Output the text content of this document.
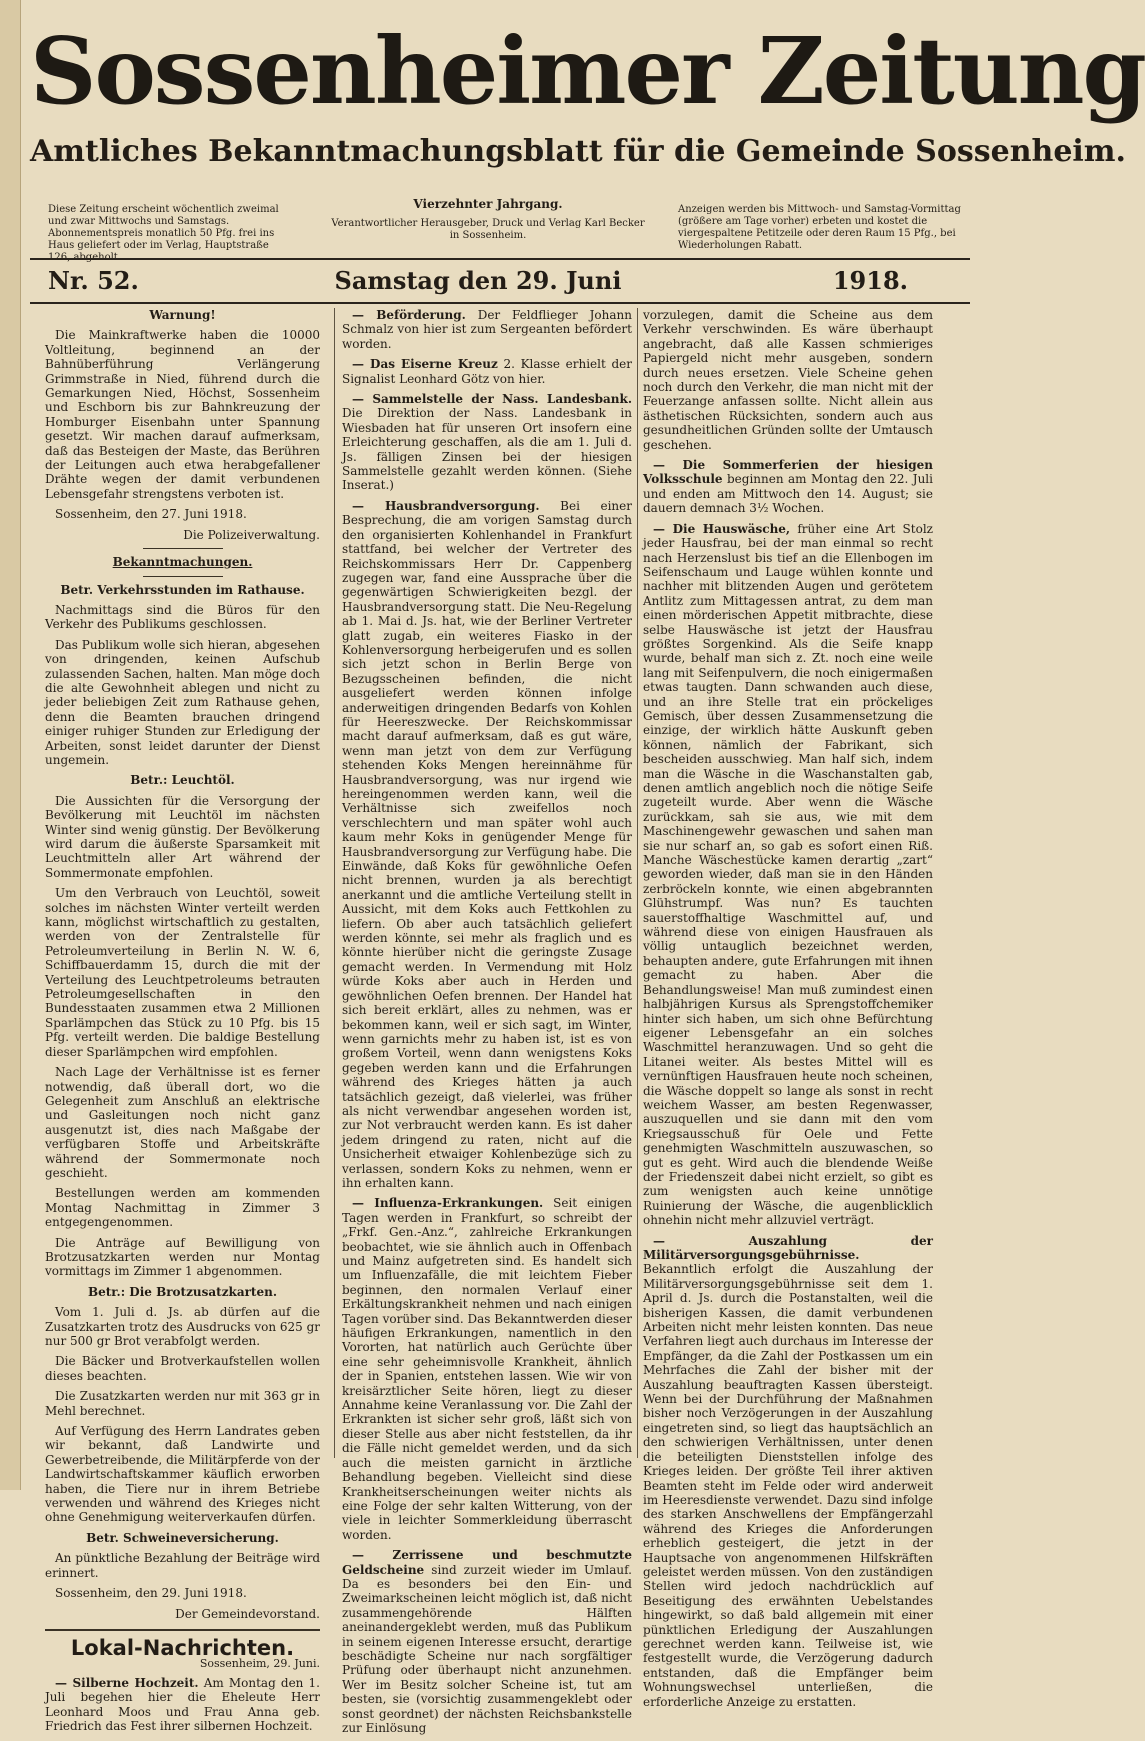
Sossenheimer Zeitung
Amtliches Bekanntmachungsblatt für die Gemeinde Sossenheim.
Diese Zeitung erscheint wöchentlich zweimal und zwar Mittwochs und Samstags. Abonnementspreis monatlich 50 Pfg. frei ins Haus geliefert oder im Verlag, Hauptstraße 126, abgeholt.
Vierzehnter Jahrgang.
Verantwortlicher Herausgeber, Druck und Verlag Karl Becker in Sossenheim.
Anzeigen werden bis Mittwoch- und Samstag-Vormittag (größere am Tage vorher) erbeten und kostet die viergespaltene Petitzeile oder deren Raum 15 Pfg., bei Wiederholungen Rabatt.
Nr. 52.	Samstag den 29. Juni	1918.

Warnung!

Die Mainkraftwerke haben die 10000 Voltleitung, beginnend an der Bahnüberführung Verlängerung Grimmstraße in Nied, führend durch die Gemarkungen Nied, Höchst, Sossenheim und Eschborn bis zur Bahnkreuzung der Homburger Eisenbahn unter Spannung gesetzt. Wir machen darauf aufmerksam, daß das Besteigen der Maste, das Berühren der Leitungen auch etwa herabgefallener Drähte wegen der damit verbundenen Lebensgefahr strengstens verboten ist.

Sossenheim, den 27. Juni 1918.

Die Polizeiverwaltung.

Bekanntmachungen.

Betr. Verkehrsstunden im Rathause.

Nachmittags sind die Büros für den Verkehr des Publikums geschlossen.

Das Publikum wolle sich hieran, abgesehen von dringenden, keinen Aufschub zulassenden Sachen, halten. Man möge doch die alte Gewohnheit ablegen und nicht zu jeder beliebigen Zeit zum Rathause gehen, denn die Beamten brauchen dringend einiger ruhiger Stunden zur Erledigung der Arbeiten, sonst leidet darunter der Dienst ungemein.

Betr.: Leuchtöl.

Die Aussichten für die Versorgung der Bevölkerung mit Leuchtöl im nächsten Winter sind wenig günstig. Der Bevölkerung wird darum die äußerste Sparsamkeit mit Leuchtmitteln aller Art während der Sommermonate empfohlen.

Um den Verbrauch von Leuchtöl, soweit solches im nächsten Winter verteilt werden kann, möglichst wirtschaftlich zu gestalten, werden von der Zentralstelle für Petroleumverteilung in Berlin N. W. 6, Schiffbauerdamm 15, durch die mit der Verteilung des Leuchtpetroleums betrauten Petroleumgesellschaften in den Bundesstaaten zusammen etwa 2 Millionen Sparlämpchen das Stück zu 10 Pfg. bis 15 Pfg. verteilt werden. Die baldige Bestellung dieser Sparlämpchen wird empfohlen.

Nach Lage der Verhältnisse ist es ferner notwendig, daß überall dort, wo die Gelegenheit zum Anschluß an elektrische und Gasleitungen noch nicht ganz ausgenutzt ist, dies nach Maßgabe der verfügbaren Stoffe und Arbeitskräfte während der Sommermonate noch geschieht.

Bestellungen werden am kommenden Montag Nachmittag in Zimmer 3 entgegengenommen.

Die Anträge auf Bewilligung von Brotzusatzkarten werden nur Montag vormittags im Zimmer 1 abgenommen.

Betr.: Die Brotzusatzkarten.

Vom 1. Juli d. Js. ab dürfen auf die Zusatzkarten trotz des Ausdrucks von 625 gr nur 500 gr Brot verabfolgt werden.

Die Bäcker und Brotverkaufstellen wollen dieses beachten.

Die Zusatzkarten werden nur mit 363 gr in Mehl berechnet.

Auf Verfügung des Herrn Landrates geben wir bekannt, daß Landwirte und Gewerbetreibende, die Militärpferde von der Landwirtschaftskammer käuflich erworben haben, die Tiere nur in ihrem Betriebe verwenden und während des Krieges nicht ohne Genehmigung weiterverkaufen dürfen.

Betr. Schweineversicherung.

An pünktliche Bezahlung der Beiträge wird erinnert.

Sossenheim, den 29. Juni 1918.

Der Gemeindevorstand.

Lokal-Nachrichten.
Sossenheim, 29. Juni.

— Silberne Hochzeit. Am Montag den 1. Juli begehen hier die Eheleute Herr Leonhard Moos und Frau Anna geb. Friedrich das Fest ihrer silbernen Hochzeit.

— Beförderung. Der Feldflieger Johann Schmalz von hier ist zum Sergeanten befördert worden.

— Das Eiserne Kreuz 2. Klasse erhielt der Signalist Leonhard Götz von hier.

— Sammelstelle der Nass. Landesbank. Die Direktion der Nass. Landesbank in Wiesbaden hat für unseren Ort insofern eine Erleichterung geschaffen, als die am 1. Juli d. Js. fälligen Zinsen bei der hiesigen Sammelstelle gezahlt werden können. (Siehe Inserat.)

— Hausbrandversorgung. Bei einer Besprechung, die am vorigen Samstag durch den organisierten Kohlenhandel in Frankfurt stattfand, bei welcher der Vertreter des Reichskommissars Herr Dr. Cappenberg zugegen war, fand eine Aussprache über die gegenwärtigen Schwierigkeiten bezgl. der Hausbrandversorgung statt. Die Neu-Regelung ab 1. Mai d. Js. hat, wie der Berliner Vertreter glatt zugab, ein weiteres Fiasko in der Kohlenversorgung herbeigerufen und es sollen sich jetzt schon in Berlin Berge von Bezugsscheinen befinden, die nicht ausgeliefert werden können infolge anderweitigen dringenden Bedarfs von Kohlen für Heereszwecke. Der Reichskommissar macht darauf aufmerksam, daß es gut wäre, wenn man jetzt von dem zur Verfügung stehenden Koks Mengen hereinnähme für Hausbrandversorgung, was nur irgend wie hereingenommen werden kann, weil die Verhältnisse sich zweifellos noch verschlechtern und man später wohl auch kaum mehr Koks in genügender Menge für Hausbrandversorgung zur Verfügung habe. Die Einwände, daß Koks für gewöhnliche Oefen nicht brennen, wurden ja als berechtigt anerkannt und die amtliche Verteilung stellt in Aussicht, mit dem Koks auch Fettkohlen zu liefern. Ob aber auch tatsächlich geliefert werden könnte, sei mehr als fraglich und es könnte hierüber nicht die geringste Zusage gemacht werden. In Vermendung mit Holz würde Koks aber auch in Herden und gewöhnlichen Oefen brennen. Der Handel hat sich bereit erklärt, alles zu nehmen, was er bekommen kann, weil er sich sagt, im Winter, wenn garnichts mehr zu haben ist, ist es von großem Vorteil, wenn dann wenigstens Koks gegeben werden kann und die Erfahrungen während des Krieges hätten ja auch tatsächlich gezeigt, daß vielerlei, was früher als nicht verwendbar angesehen worden ist, zur Not verbraucht werden kann. Es ist daher jedem dringend zu raten, nicht auf die Unsicherheit etwaiger Kohlenbezüge sich zu verlassen, sondern Koks zu nehmen, wenn er ihn erhalten kann.

— Influenza-Erkrankungen. Seit einigen Tagen werden in Frankfurt, so schreibt der „Frkf. Gen.-Anz.“, zahlreiche Erkrankungen beobachtet, wie sie ähnlich auch in Offenbach und Mainz aufgetreten sind. Es handelt sich um Influenzafälle, die mit leichtem Fieber beginnen, den normalen Verlauf einer Erkältungskrankheit nehmen und nach einigen Tagen vorüber sind. Das Bekanntwerden dieser häufigen Erkrankungen, namentlich in den Vororten, hat natürlich auch Gerüchte über eine sehr geheimnisvolle Krankheit, ähnlich der in Spanien, entstehen lassen. Wie wir von kreisärztlicher Seite hören, liegt zu dieser Annahme keine Veranlassung vor. Die Zahl der Erkrankten ist sicher sehr groß, läßt sich von dieser Stelle aus aber nicht feststellen, da ihr die Fälle nicht gemeldet werden, und da sich auch die meisten garnicht in ärztliche Behandlung begeben. Vielleicht sind diese Krankheitserscheinungen weiter nichts als eine Folge der sehr kalten Witterung, von der viele in leichter Sommerkleidung überrascht worden.

— Zerrissene und beschmutzte Geldscheine sind zurzeit wieder im Umlauf. Da es besonders bei den Ein- und Zweimarkscheinen leicht möglich ist, daß nicht zusammengehörende Hälften aneinandergeklebt werden, muß das Publikum in seinem eigenen Interesse ersucht, derartige beschädigte Scheine nur nach sorgfältiger Prüfung oder überhaupt nicht anzunehmen. Wer im Besitz solcher Scheine ist, tut am besten, sie (vorsichtig zusammengeklebt oder sonst geordnet) der nächsten Reichsbankstelle zur Einlösung

vorzulegen, damit die Scheine aus dem Verkehr verschwinden. Es wäre überhaupt angebracht, daß alle Kassen schmieriges Papiergeld nicht mehr ausgeben, sondern durch neues ersetzen. Viele Scheine gehen noch durch den Verkehr, die man nicht mit der Feuerzange anfassen sollte. Nicht allein aus ästhetischen Rücksichten, sondern auch aus gesundheitlichen Gründen sollte der Umtausch geschehen.

— Die Sommerferien der hiesigen Volksschule beginnen am Montag den 22. Juli und enden am Mittwoch den 14. August; sie dauern demnach 3½ Wochen.

— Die Hauswäsche, früher eine Art Stolz jeder Hausfrau, bei der man einmal so recht nach Herzenslust bis tief an die Ellenbogen im Seifenschaum und Lauge wühlen konnte und nachher mit blitzenden Augen und gerötetem Antlitz zum Mittagessen antrat, zu dem man einen mörderischen Appetit mitbrachte, diese selbe Hauswäsche ist jetzt der Hausfrau größtes Sorgenkind. Als die Seife knapp wurde, behalf man sich z. Zt. noch eine weile lang mit Seifenpulvern, die noch einigermaßen etwas taugten. Dann schwanden auch diese, und an ihre Stelle trat ein pröckeliges Gemisch, über dessen Zusammensetzung die einzige, der wirklich hätte Auskunft geben können, nämlich der Fabrikant, sich bescheiden ausschwieg. Man half sich, indem man die Wäsche in die Waschanstalten gab, denen amtlich angeblich noch die nötige Seife zugeteilt wurde. Aber wenn die Wäsche zurückkam, sah sie aus, wie mit dem Maschinengewehr gewaschen und sahen man sie nur scharf an, so gab es sofort einen Riß. Manche Wäschestücke kamen derartig „zart“ geworden wieder, daß man sie in den Händen zerbröckeln konnte, wie einen abgebrannten Glühstrumpf. Was nun? Es tauchten sauerstoffhaltige Waschmittel auf, und während diese von einigen Hausfrauen als völlig untauglich bezeichnet werden, behaupten andere, gute Erfahrungen mit ihnen gemacht zu haben. Aber die Behandlungsweise! Man muß zumindest einen halbjährigen Kursus als Sprengstoffchemiker hinter sich haben, um sich ohne Befürchtung eigener Lebensgefahr an ein solches Waschmittel heranzuwagen. Und so geht die Litanei weiter. Als bestes Mittel will es vernünftigen Hausfrauen heute noch scheinen, die Wäsche doppelt so lange als sonst in recht weichem Wasser, am besten Regenwasser, auszuquellen und sie dann mit den vom Kriegsausschuß für Oele und Fette genehmigten Waschmitteln auszuwaschen, so gut es geht. Wird auch die blendende Weiße der Friedenszeit dabei nicht erzielt, so gibt es zum wenigsten auch keine unnötige Ruinierung der Wäsche, die augenblicklich ohnehin nicht mehr allzuviel verträgt.

— Auszahlung der Militärversorgungsgebührnisse. Bekanntlich erfolgt die Auszahlung der Militärversorgungsgebührnisse seit dem 1. April d. Js. durch die Postanstalten, weil die bisherigen Kassen, die damit verbundenen Arbeiten nicht mehr leisten konnten. Das neue Verfahren liegt auch durchaus im Interesse der Empfänger, da die Zahl der Postkassen um ein Mehrfaches die Zahl der bisher mit der Auszahlung beauftragten Kassen übersteigt. Wenn bei der Durchführung der Maßnahmen bisher noch Verzögerungen in der Auszahlung eingetreten sind, so liegt das hauptsächlich an den schwierigen Verhältnissen, unter denen die beteiligten Dienststellen infolge des Krieges leiden. Der größte Teil ihrer aktiven Beamten steht im Felde oder wird anderweit im Heeresdienste verwendet. Dazu sind infolge des starken Anschwellens der Empfängerzahl während des Krieges die Anforderungen erheblich gesteigert, die jetzt in der Hauptsache von angenommenen Hilfskräften geleistet werden müssen. Von den zuständigen Stellen wird jedoch nachdrücklich auf Beseitigung des erwähnten Uebelstandes hingewirkt, so daß bald allgemein mit einer pünktlichen Erledigung der Auszahlungen gerechnet werden kann. Teilweise ist, wie festgestellt wurde, die Verzögerung dadurch entstanden, daß die Empfänger beim Wohnungswechsel unterließen, die erforderliche Anzeige zu erstatten.
